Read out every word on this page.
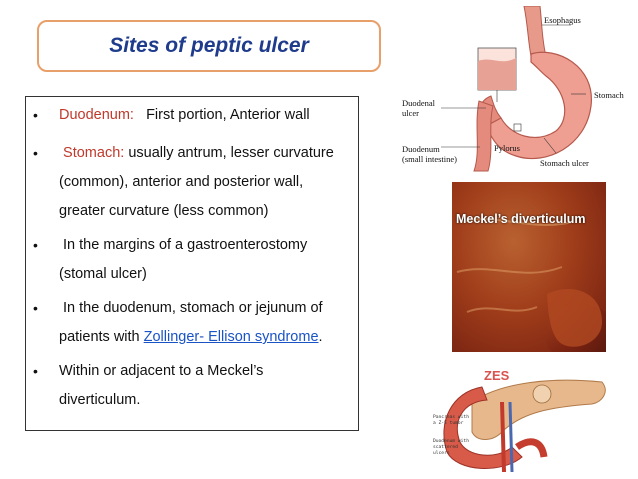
Sites of peptic ulcer
•	Duodenum: First portion, Anterior wall
•	Stomach: usually antrum, lesser curvature
(common), anterior and posterior wall,
greater curvature (less common)
•	In the margins of a gastroenterostomy
(stomal ulcer)
•	In the duodenum, stomach or jejunum of
patients with Zollinger- Ellison syndrome.
•	Within or adjacent to a Meckel’s
diverticulum.
Esophagus
Stomach
Duodenal
ulcer
Duodenum
(small intestine)
Pylorus
Stomach ulcer
Meckel’s diverticulum
ZES
Pancreas with
a Z-E tumor
Duodenum with
scattered
ulcers
